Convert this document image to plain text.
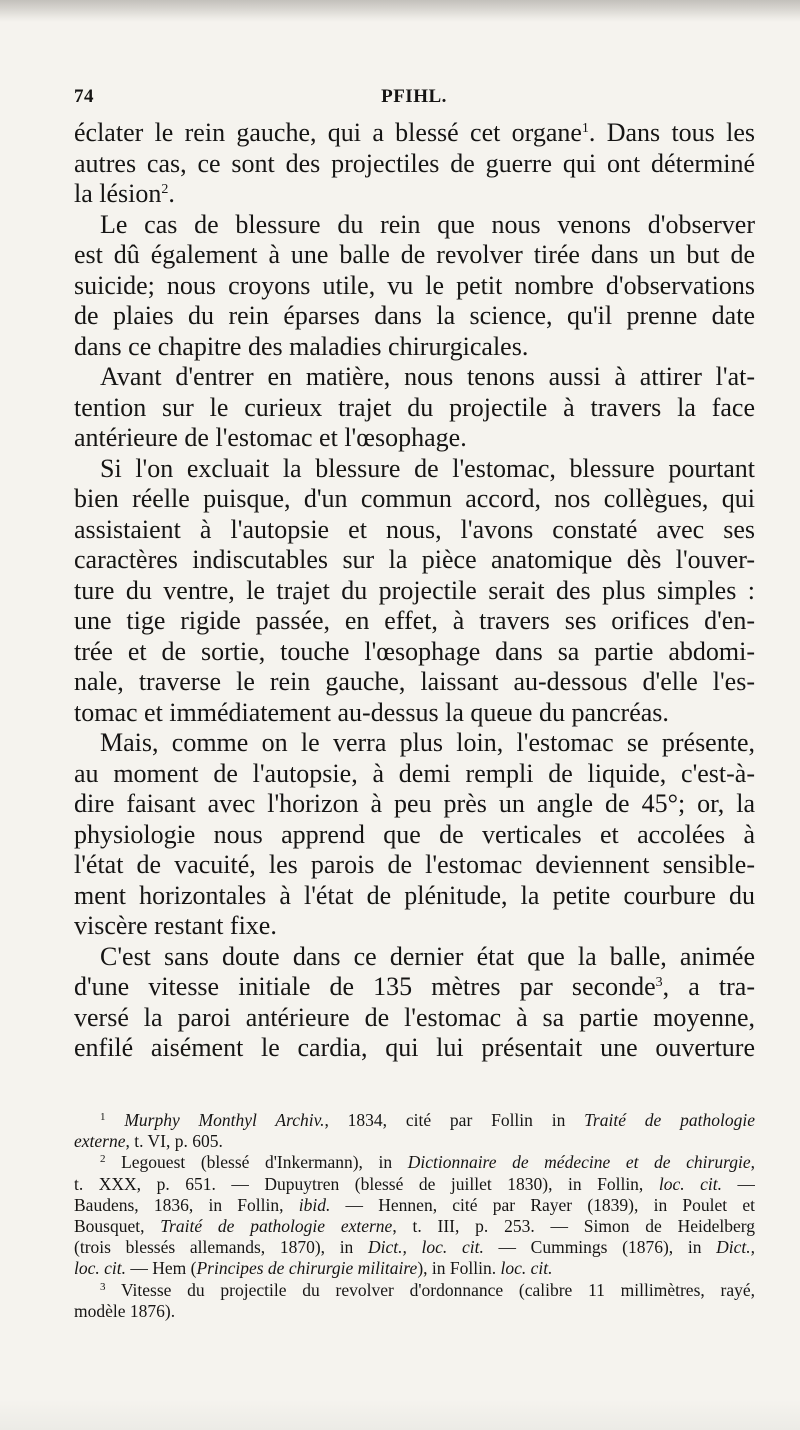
74	PFIHL.
éclater le rein gauche, qui a blessé cet organe$^1$. Dans tous les
autres cas, ce sont des projectiles de guerre qui ont déterminé
la lésion$^2$.
Le cas de blessure du rein que nous venons d'observer
est dû également à une balle de revolver tirée dans un but de
suicide; nous croyons utile, vu le petit nombre d'observations
de plaies du rein éparses dans la science, qu'il prenne date
dans ce chapitre des maladies chirurgicales.
Avant d'entrer en matière, nous tenons aussi à attirer l'at-
tention sur le curieux trajet du projectile à travers la face
antérieure de l'estomac et l'œsophage.
Si l'on excluait la blessure de l'estomac, blessure pourtant
bien réelle puisque, d'un commun accord, nos collègues, qui
assistaient à l'autopsie et nous, l'avons constaté avec ses
caractères indiscutables sur la pièce anatomique dès l'ouver-
ture du ventre, le trajet du projectile serait des plus simples :
une tige rigide passée, en effet, à travers ses orifices d'en-
trée et de sortie, touche l'œsophage dans sa partie abdomi-
nale, traverse le rein gauche, laissant au-dessous d'elle l'es-
tomac et immédiatement au-dessus la queue du pancréas.
Mais, comme on le verra plus loin, l'estomac se présente,
au moment de l'autopsie, à demi rempli de liquide, c'est-à-
dire faisant avec l'horizon à peu près un angle de 45°; or, la
physiologie nous apprend que de verticales et accolées à
l'état de vacuité, les parois de l'estomac deviennent sensible-
ment horizontales à l'état de plénitude, la petite courbure du
viscère restant fixe.
C'est sans doute dans ce dernier état que la balle, animée
d'une vitesse initiale de 135 mètres par seconde$^3$, a tra-
versé la paroi antérieure de l'estomac à sa partie moyenne,
enfilé aisément le cardia, qui lui présentait une ouverture
$^1$ Murphy Monthyl Archiv., 1834, cité par Follin in Traité de pathologie
externe, t. VI, p. 605.
$^2$ Legouest (blessé d'Inkermann), in Dictionnaire de médecine et de chirurgie,
t. XXX, p. 651. — Dupuytren (blessé de juillet 1830), in Follin, loc. cit. —
Baudens, 1836, in Follin, ibid. — Hennen, cité par Rayer (1839), in Poulet et
Bousquet, Traité de pathologie externe, t. III, p. 253. — Simon de Heidelberg
(trois blessés allemands, 1870), in Dict., loc. cit. — Cummings (1876), in Dict.,
loc. cit. — Hem (Principes de chirurgie militaire), in Follin. loc. cit.
$^3$ Vitesse du projectile du revolver d'ordonnance (calibre 11 millimètres, rayé,
modèle 1876).
